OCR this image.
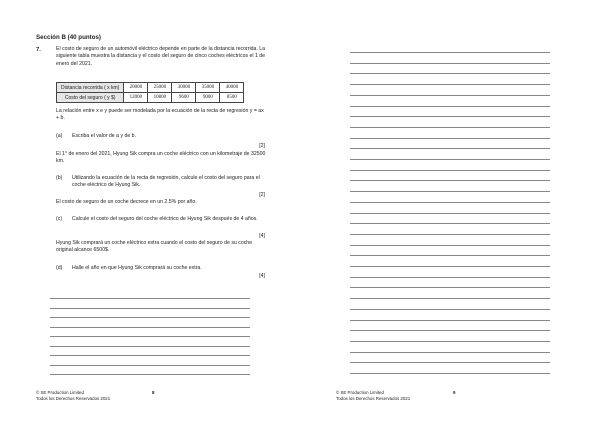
Sección B (40 puntos)
7.	El costo de seguro de un automóvil eléctrico depende en parte de la distancia recorrida. La siguiente tabla muestra la distancia y el costo del seguro de cinco coches eléctricos el 1 de enero del 2021.
Distancia recorrida ( x km)	20000	25000	30000	35000	40000
Costo del seguro ( y $)	12000	10800	9600	9000	8500
La relación entre x e y puede ser modelada por la ecuación de la recta de regresión y = ax + b.
(a) Escriba el valor de a y de b.
[2]
El 1° de enero del 2021, Hyung Sik compra un coche eléctrico con un kilometraje de 32500 km.
(b) Utilizando la ecuación de la recta de regresión, calcule el costo del seguro para el coche eléctrico de Hyung Sik.
[2]
El costo de seguro de un coche decrece en un 2.5% por año.
(c) Calcule el costo del seguro del coche eléctrico de Hyung Sik después de 4 años.
[4]
Hyung Sik comprará un coche eléctrico extra cuando el costo del seguro de su coche original alcance 6500$.
(d) Halle el año en que Hyung Sik comprará su coche extra.
[4]
© SE Production Limited
Todos los Derechos Reservados 2021
8	© SE Production Limited
Todos los Derechos Reservados 2021
9
